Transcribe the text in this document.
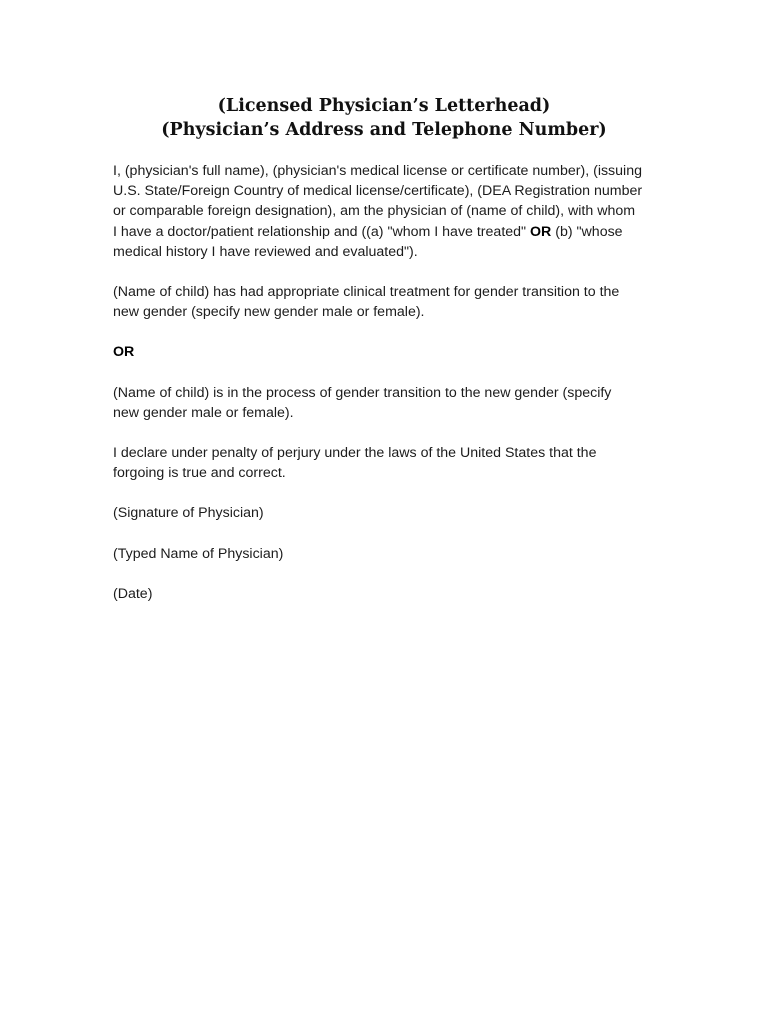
(Licensed Physician’s Letterhead)
(Physician’s Address and Telephone Number)

I, (physician's full name), (physician's medical license or certificate number), (issuing
U.S. State/Foreign Country of medical license/certificate), (DEA Registration number
or comparable foreign designation), am the physician of (name of child), with whom
I have a doctor/patient relationship and ((a) "whom I have treated" OR (b) "whose
medical history I have reviewed and evaluated").

(Name of child) has had appropriate clinical treatment for gender transition to the
new gender (specify new gender male or female).

OR

(Name of child) is in the process of gender transition to the new gender (specify
new gender male or female).

I declare under penalty of perjury under the laws of the United States that the
forgoing is true and correct.

(Signature of Physician)

(Typed Name of Physician)

(Date)
